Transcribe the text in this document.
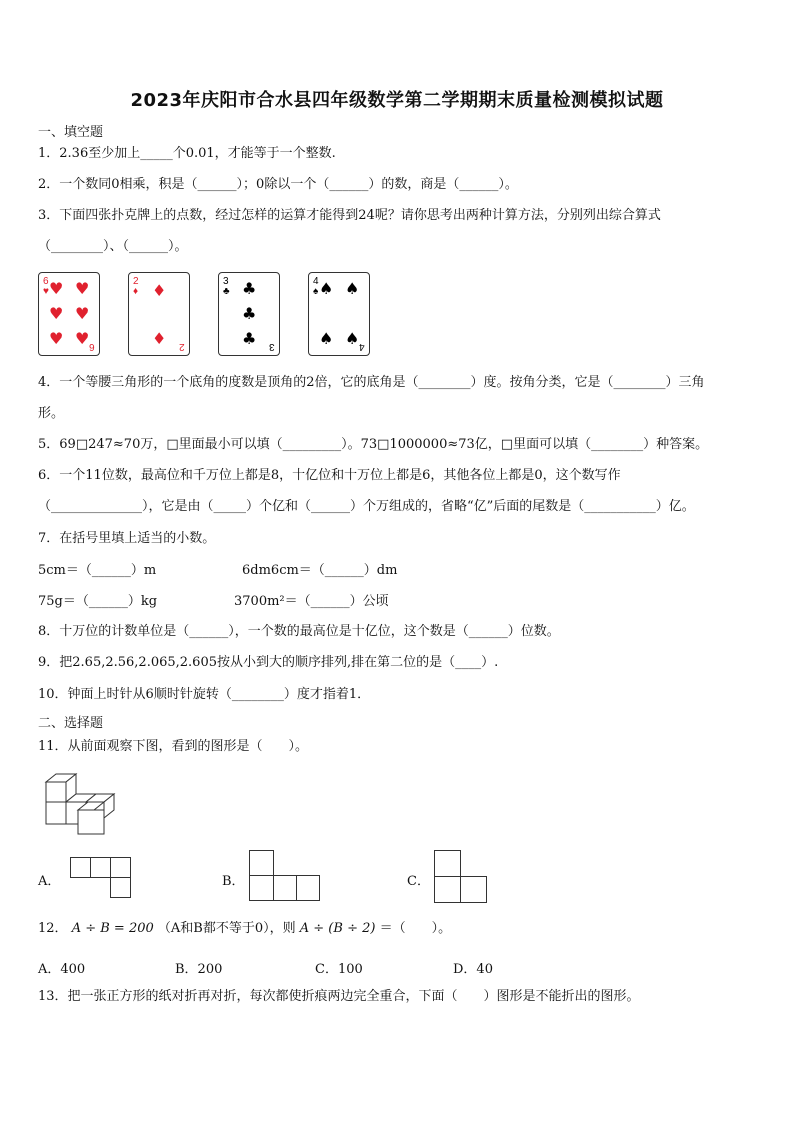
2023年庆阳市合水县四年级数学第二学期期末质量检测模拟试题
一、填空题
1．2.36至少加上_____个0.01，才能等于一个整数.
2．一个数同0相乘，积是（______）；0除以一个（______）的数，商是（______）。
3．下面四张扑克牌上的点数，经过怎样的运算才能得到24呢？请你思考出两种计算方法，分别列出综合算式
（________）、（______）。
6
♥ ♥ ♥
♥ ♥
♥ ♥ 6
2
♦ ♦
♦ 2
3
♣ ♣
♣
♣ 3
4
♠ ♠ ♠
♠ ♠ 4
4．一个等腰三角形的一个底角的度数是顶角的2倍，它的底角是（________）度。按角分类，它是（________）三角
形。
5．69□247≈70万，□里面最小可以填（_________）。73□1000000≈73亿，□里面可以填（________）种答案。
6．一个11位数，最高位和千万位上都是8，十亿位和十万位上都是6，其他各位上都是0，这个数写作
（______________），它是由（_____）个亿和（______）个万组成的，省略“亿”后面的尾数是（___________）亿。
7．在括号里填上适当的小数。
5cm＝（______）m	6dm6cm＝（______）dm
75g＝（______）kg	3700m²＝（______）公顷
8．十万位的计数单位是（______），一个数的最高位是十亿位，这个数是（______）位数。
9．把2.65,2.56,2.065,2.605按从小到大的顺序排列,排在第二位的是（____）.
10．钟面上时针从6顺时针旋转（________）度才指着1．
二、选择题
11．从前面观察下图，看到的图形是（　　）。
A．	B．	C．
12． A ÷ B = 200 （A和B都不等于0），则 A ÷ (B ÷ 2) ＝（　　）。
A．400	B．200	C．100	D．40
13．把一张正方形的纸对折再对折，每次都使折痕两边完全重合，下面（　　）图形是不能折出的图形。
